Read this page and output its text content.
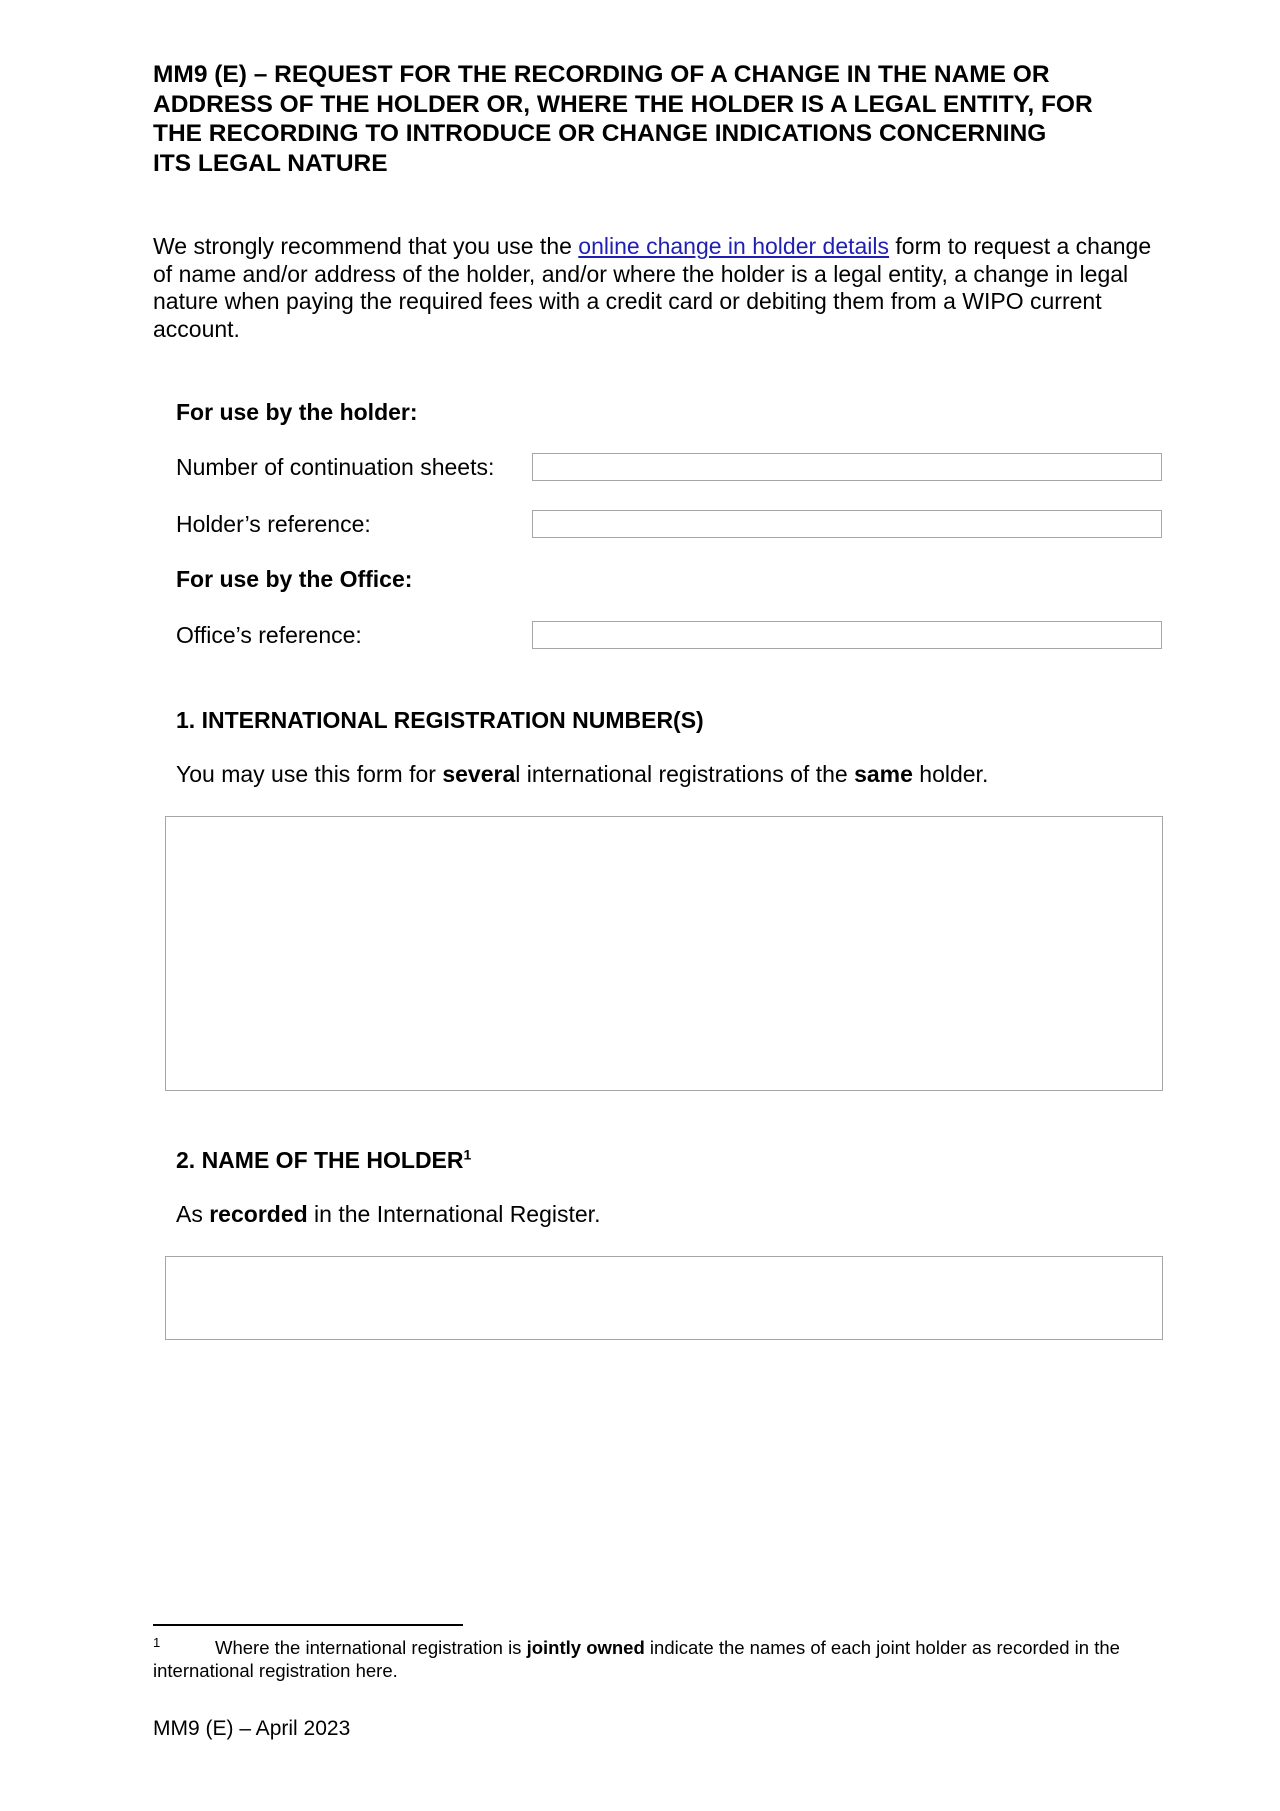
MM9 (E) – REQUEST FOR THE RECORDING OF A CHANGE IN THE NAME OR
ADDRESS OF THE HOLDER OR, WHERE THE HOLDER IS A LEGAL ENTITY, FOR
THE RECORDING TO INTRODUCE OR CHANGE INDICATIONS CONCERNING
ITS LEGAL NATURE
We strongly recommend that you use the online change in holder details form to request a change of name and/or address of the holder, and/or where the holder is a legal entity, a change in legal nature when paying the required fees with a credit card or debiting them from a WIPO current account.
For use by the holder:
Number of continuation sheets:
Holder’s reference:
For use by the Office:
Office’s reference:
1. INTERNATIONAL REGISTRATION NUMBER(S)
You may use this form for several international registrations of the same holder.
2. NAME OF THE HOLDER$^1$
As recorded in the International Register.
1	Where the international registration is jointly owned indicate the names of each joint holder as recorded in the international registration here.
MM9 (E) – April 2023
